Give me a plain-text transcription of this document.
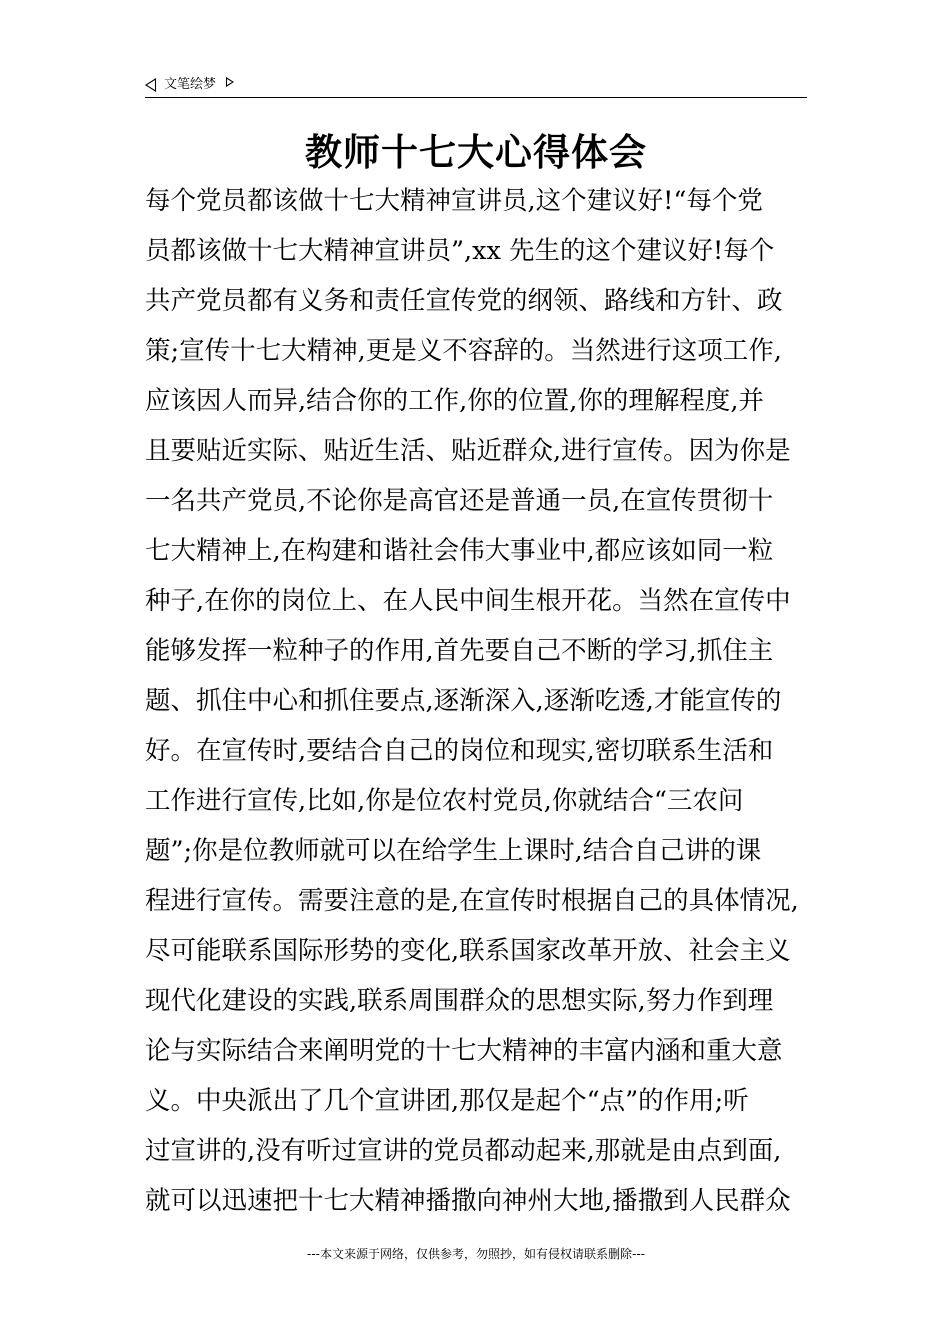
文笔绘梦
教师十七大心得体会
每个党员都该做十七大精神宣讲员,这个建议好!“每个党
员都该做十七大精神宣讲员”,xx 先生的这个建议好!每个
共产党员都有义务和责任宣传党的纲领、路线和方针、政
策;宣传十七大精神,更是义不容辞的。当然进行这项工作,
应该因人而异,结合你的工作,你的位置,你的理解程度,并
且要贴近实际、贴近生活、贴近群众,进行宣传。因为你是
一名共产党员,不论你是高官还是普通一员,在宣传贯彻十
七大精神上,在构建和谐社会伟大事业中,都应该如同一粒
种子,在你的岗位上、在人民中间生根开花。当然在宣传中
能够发挥一粒种子的作用,首先要自己不断的学习,抓住主
题、抓住中心和抓住要点,逐渐深入,逐渐吃透,才能宣传的
好。在宣传时,要结合自己的岗位和现实,密切联系生活和
工作进行宣传,比如,你是位农村党员,你就结合“三农问
题”;你是位教师就可以在给学生上课时,结合自己讲的课
程进行宣传。需要注意的是,在宣传时根据自己的具体情况,
尽可能联系国际形势的变化,联系国家改革开放、社会主义
现代化建设的实践,联系周围群众的思想实际,努力作到理
论与实际结合来阐明党的十七大精神的丰富内涵和重大意
义。中央派出了几个宣讲团,那仅是起个“点”的作用;听
过宣讲的,没有听过宣讲的党员都动起来,那就是由点到面,
就可以迅速把十七大精神播撒向神州大地,播撒到人民群众
---本文来源于网络，仅供参考，勿照抄，如有侵权请联系删除---
